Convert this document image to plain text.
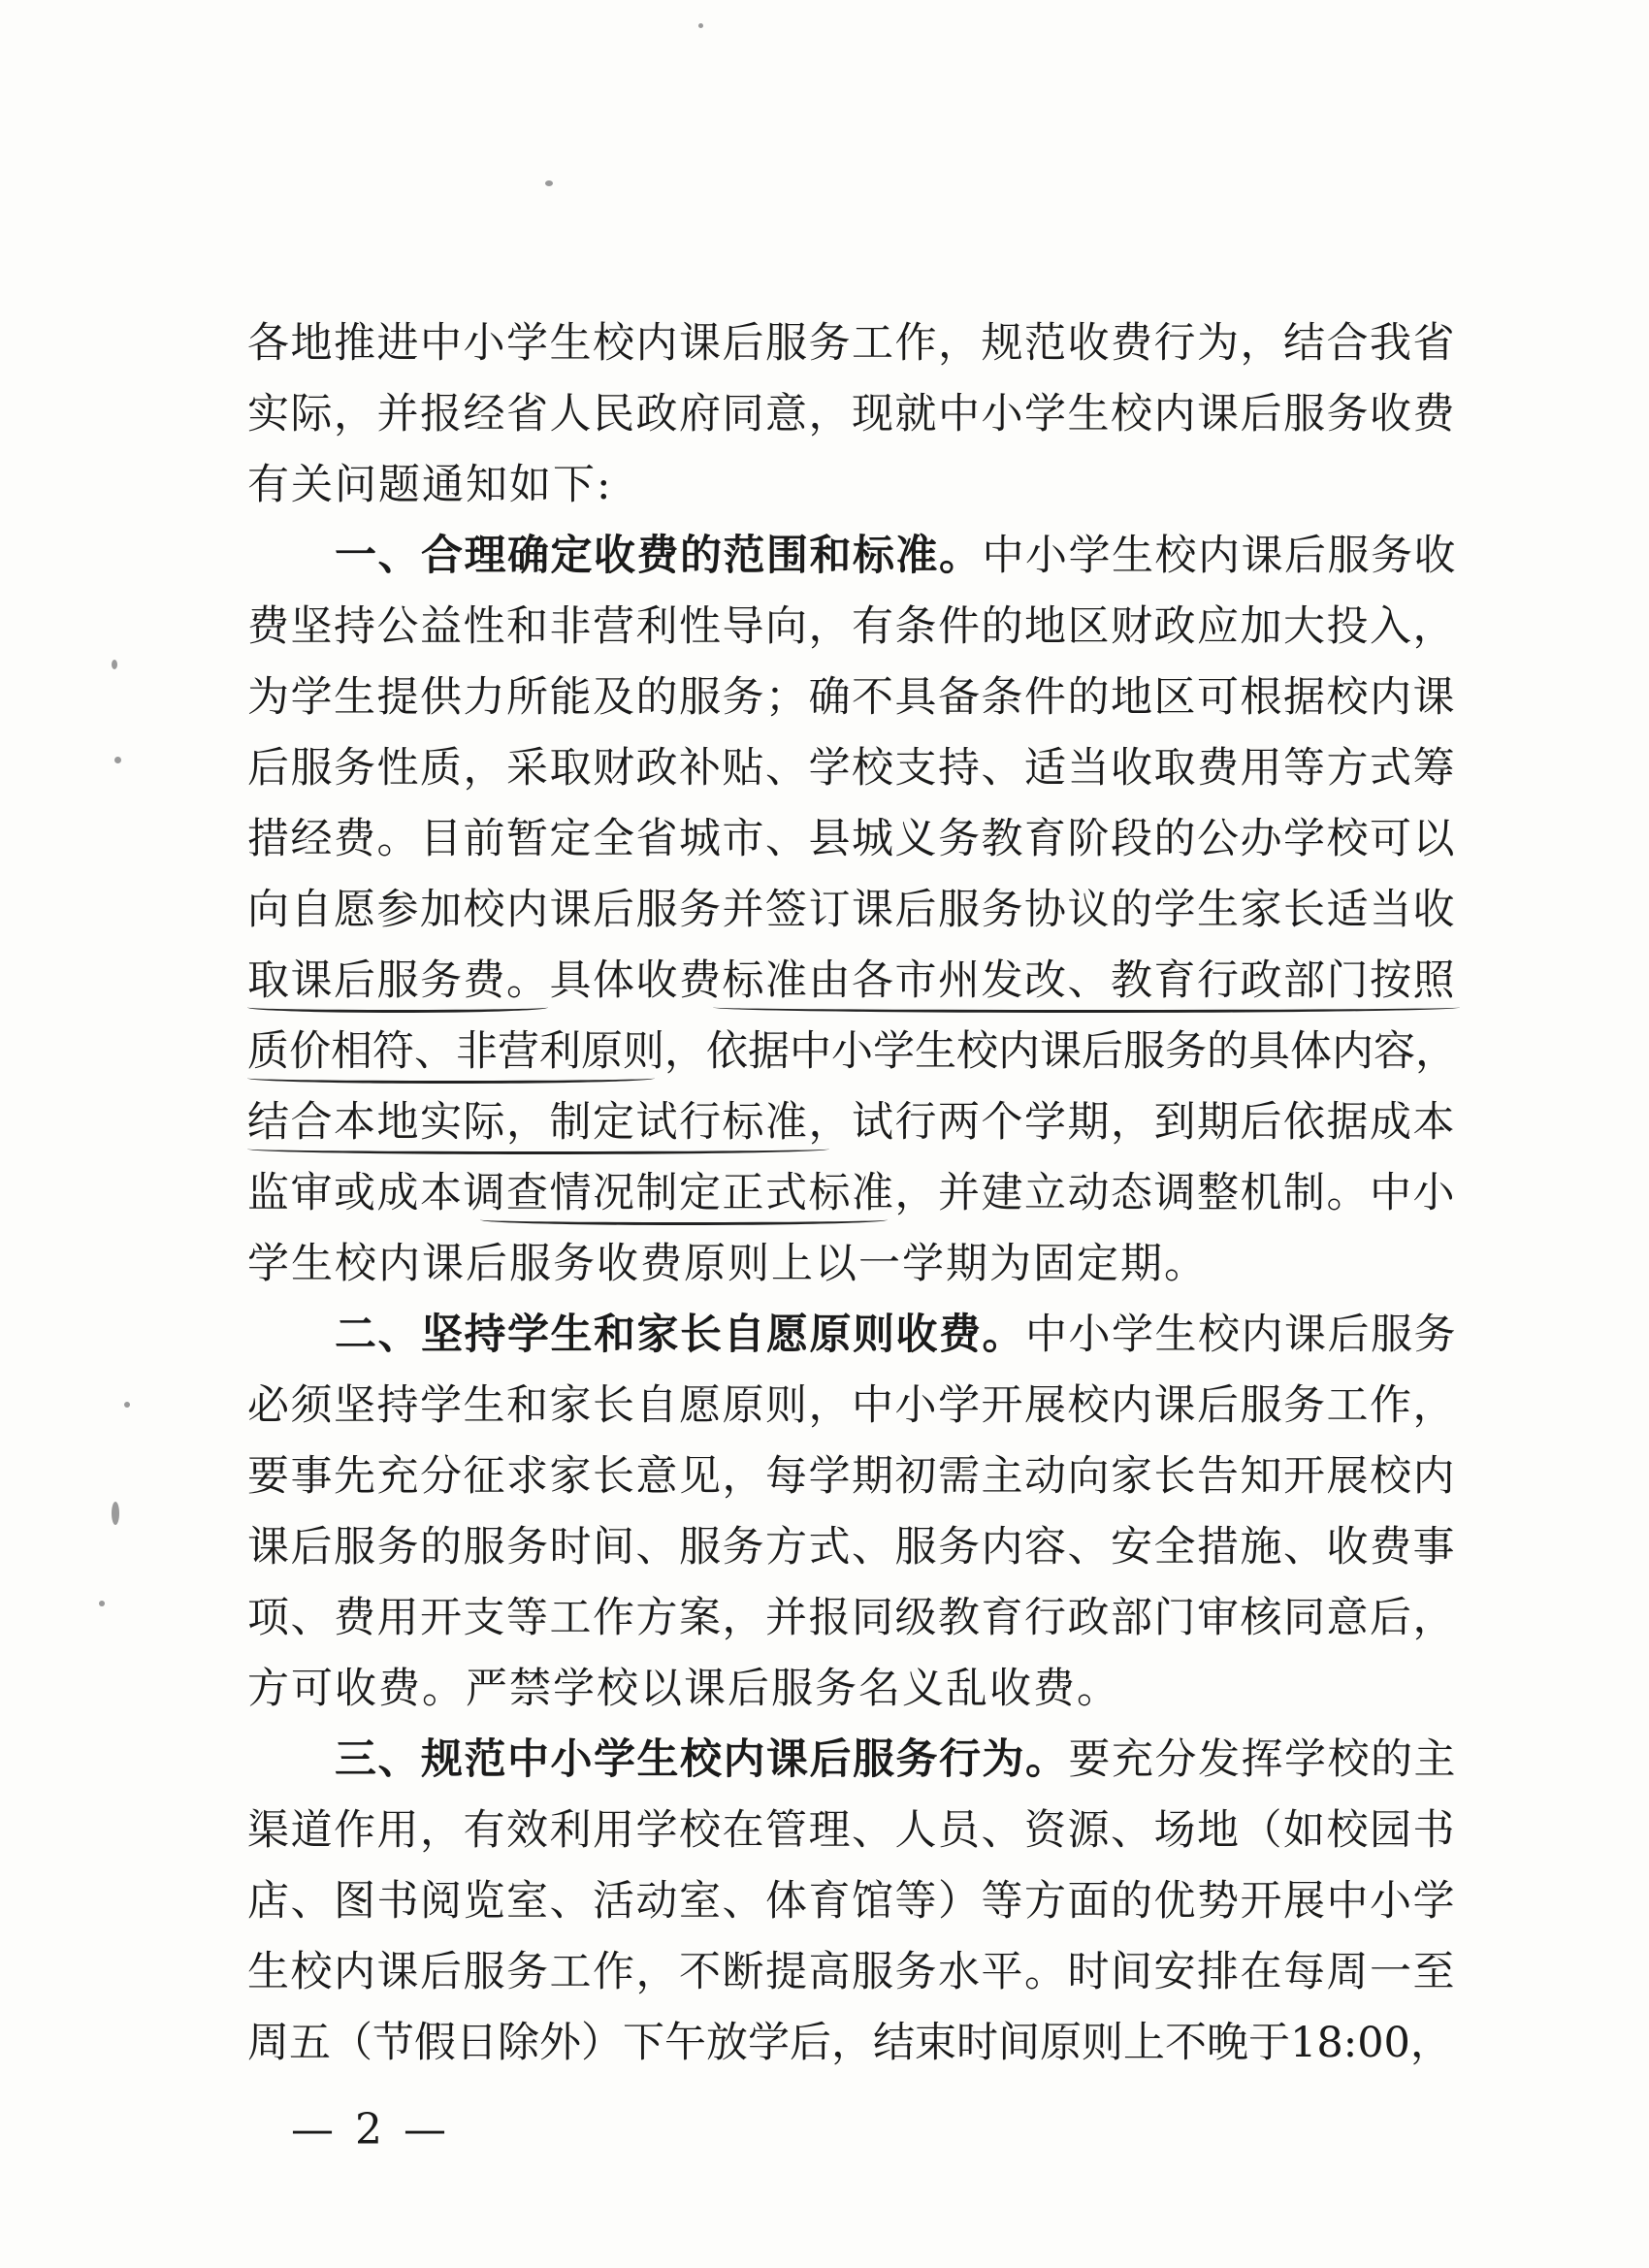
各地推进中小学生校内课后服务工作，规范收费行为，结合我省
实际，并报经省人民政府同意，现就中小学生校内课后服务收费
有关问题通知如下:
一、合理确定收费的范围和标准。中小学生校内课后服务收
费坚持公益性和非营利性导向，有条件的地区财政应加大投入，
为学生提供力所能及的服务；确不具备条件的地区可根据校内课
后服务性质，采取财政补贴、学校支持、适当收取费用等方式筹
措经费。目前暂定全省城市、县城义务教育阶段的公办学校可以
向自愿参加校内课后服务并签订课后服务协议的学生家长适当收
取课后服务费。具体收费标准由各市州发改、教育行政部门按照
质价相符、非营利原则，依据中小学生校内课后服务的具体内容，
结合本地实际，制定试行标准，试行两个学期，到期后依据成本
监审或成本调查情况制定正式标准，并建立动态调整机制。中小
学生校内课后服务收费原则上以一学期为固定期。
二、坚持学生和家长自愿原则收费。中小学生校内课后服务
必须坚持学生和家长自愿原则，中小学开展校内课后服务工作，
要事先充分征求家长意见，每学期初需主动向家长告知开展校内
课后服务的服务时间、服务方式、服务内容、安全措施、收费事
项、费用开支等工作方案，并报同级教育行政部门审核同意后，
方可收费。严禁学校以课后服务名义乱收费。
三、规范中小学生校内课后服务行为。要充分发挥学校的主
渠道作用，有效利用学校在管理、人员、资源、场地（如校园书
店、图书阅览室、活动室、体育馆等）等方面的优势开展中小学
生校内课后服务工作，不断提高服务水平。时间安排在每周一至
周五（节假日除外）下午放学后，结束时间原则上不晚于18:00，
— 2 —
